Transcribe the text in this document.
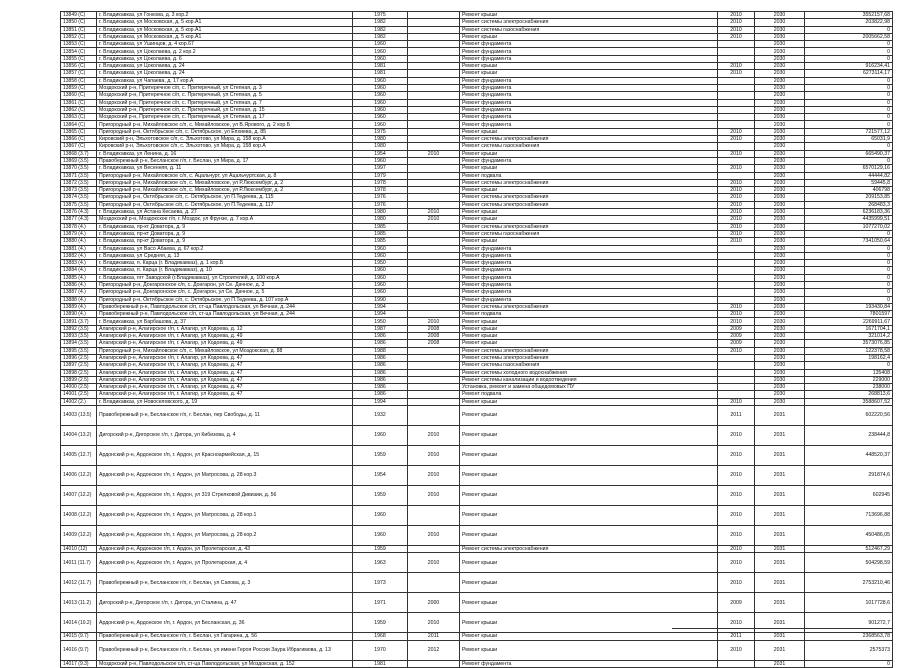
13849 (С)	г. Владикавказ, ул Гонкова, д. 3 кор.2	1975		Ремонт крыши	2010	2030	3552157,68
13850 (С)	г. Владикавказ, ул Московская, д. 5 кор.А1	1982		Ремонт системы электроснабжения	2010	2030	203822,98
13851 (С)	г. Владикавказ, ул Московская, д. 5 кор.А1	1982		Ремонт системы газоснабжения	2010	2030	0
13852 (С)	г. Владикавказ, ул Московская, д. 5 кор.А1	1982		Ремонт крыши	2010	2030	2005662,58
13853 (С)	г. Владикавказ, ул Ушинцов, д. 4 кор.67	1960		Ремонт фундамента		2030	0
13854 (С)	г. Владикавказ, ул Цоколаева, д. 2 кор.2	1960		Ремонт фундамента		2030	0
13855 (С)	г. Владикавказ, ул Цоколаева, д. 6	1960		Ремонт фундамента		2030	0
13856 (С)	г. Владикавказ, ул Цоколаева, д. 24	1981		Ремонт крыши	2010	2030	916234,41
13857 (С)	г. Владикавказ, ул Цоколаева, д. 24	1981		Ремонт крыши	2010	2030	6273114,17
13858 (С)	г. Владикавказ, ул Чапаева, д. 17 кор.А	1960		Ремонт фундамента		2030	0
13859 (С)	Моздокский р-н, Притеречное с/п, с. Притеречный, ул Степная, д. 3	1960		Ремонт фундамента		2030	0
13860 (С)	Моздокский р-н, Притеречное с/п, с. Притеречный, ул Степная, д. 5	1960		Ремонт фундамента		2030	0
13861 (С)	Моздокский р-н, Притеречное с/п, с. Притеречный, ул Степная, д. 7	1960		Ремонт фундамента		2030	0
13862 (С)	Моздокский р-н, Притеречное с/п, с. Притеречный, ул Степная, д. 15	1960		Ремонт фундамента		2030	0
13863 (С)	Моздокский р-н, Притеречное с/п, с. Притеречный, ул Степная, д. 17	1960		Ремонт фундамента		2030	0
13864 (С)	Пригородный р-н, Михайловское с/п, с. Михайловское, ул В.Ярового, д. 2 кор.Б	1960		Ремонт фундамента		2030	0
13865 (С)	Пригородный р-н, Октябрьское с/п, с. Октябрьское, ул Епхиева, д. 85	1975		Ремонт крыши	2010	2030	721577,12
13866 (С)	Кировский р-н, Эльхотовское с/п, с. Эльхотово, ул Мира, д. 158 кор.А	1980		Ремонт системы электроснабжения	2010	2030	65031,9
13867 (С)	Кировский р-н, Эльхотовское с/п, с. Эльхотово, ул Мира, д. 158 кор.А	1980		Ремонт системы газоснабжения		2030	0
13868 (3.7)	г. Владикавказ, ул Ленина, д. 16	1954	2010	Ремонт крыши	2010	2030	665490,37
13869 (3.5)	Правобережный р-н, Бесланское г/п, г. Беслан, ул Мира, д. 17	1960		Ремонт фундамента		2030	0
13870 (3.5)	г. Владикавказ, ул Весенняя, д. 11	1997		Ремонт крыши	2010	2030	6570129,16
13871 (3.5)	Пригородный р-н, Михайловское с/п, с. Ацальчурт, ул Ацальчуртская, д. 8	1979		Ремонт подвала		2030	44444,82
13872 (3.5)	Пригородный р-н, Михайловское с/п, с. Михайловское, ул Р.Люксембург, д. 2	1978		Ремонт системы электроснабжения	2010	2030	59445,8
13873 (3.5)	Пригородный р-н, Михайловское с/п, с. Михайловское, ул Р.Люксембург, д. 2	1978		Ремонт крыши	2010	2030	406798
13874 (3.5)	Пригородный р-н, Октябрьское с/п, с. Октябрьское, ул П.Тедеева, д. 115	1976		Ремонт системы электроснабжения	2010	2030	209153,85
13875 (3.5)	Пригородный р-н, Октябрьское с/п, с. Октябрьское, ул П.Тедеева, д. 117	1976		Ремонт системы электроснабжения	2010	2030	268483,3
13876 (4.3)	г. Владикавказ, ул Астана Кесаева, д. 27	1980	2010	Ремонт крыши	2010	2030	6236183,36
13877 (4.3)	Моздокский р-н, Моздокское г/п, г. Моздок, ул Фрунзе, д. 7 кор.А	1980	2010	Ремонт крыши	2010	2030	4435999,51
13878 (4.)	г. Владикавказ, пр-кт Доватора, д. 9	1985		Ремонт системы электроснабжения	2010	2030	1077270,02
13879 (4.)	г. Владикавказ, пр-кт Доватора, д. 9	1985		Ремонт системы газоснабжения	2010	2030	0
13880 (4.)	г. Владикавказ, пр-кт Доватора, д. 9	1985		Ремонт крыши	2010	2030	7341050,64
13881 (4.)	г. Владикавказ, ул Васо Абаева, д. 67 кор.2	1960		Ремонт фундамента		2030	0
13882 (4.)	г. Владикавказ, ул Средняя, д. 13	1960		Ремонт фундамента		2030	0
13883 (4.)	г. Владикавказ, п. Карца (г. Владикавказ), д. 1 кор.Б	1950		Ремонт фундамента		2030	0
13884 (4.)	г. Владикавказ, п. Карца (г. Владикавказ), д. 10	1960		Ремонт фундамента		2030	0
13885 (4.)	г. Владикавказ, пгт Заводской (г.Владикавказ), ул Строителей, д. 100 кор.А	1960		Ремонт фундамента		2030	0
13886 (4.)	Пригородный р-н, Донгаронское с/п, с. Донгарон, ул Се. Дачное, д. 3	1960		Ремонт фундамента		2030	0
13887 (4.)	Пригородный р-н, Донгаронское с/п, с. Донгарон, ул Се. Дачное, д. 5	1960		Ремонт фундамента		2030	0
13888 (4.)	Пригородный р-н, Октябрьское с/п, с. Октябрьское, ул П.Тедеева, д. 107 кор.А	1990		Ремонт фундамента		2030	0
13889 (4.)	Правобережный р-н, Павлодольское с/п, ст-ца Павлодольская, ул Вечная, д. 244	1994		Ремонт системы электроснабжения	2010	2030	193430,84
13890 (4.)	Правобережный р-н, Павлодольское с/п, ст-ца Павлодольская, ул Вечная, д. 244	1994		Ремонт подвала	2010	2030	7801597
13891 (3.7)	г. Владикавказ, ул Барбашова, д. 37	1950	2010	Ремонт крыши	2010	2030	2269911,67
13892 (3.5)	Алагирский р-н, Алагирское г/п, г. Алагир, ул Кодоева, д. 12	1987	2008	Ремонт крыши	2009	2030	1671704,1
13893 (3.5)	Алагирский р-н, Алагирское г/п, г. Алагир, ул Кодоева, д. 49	1986	2008	Ремонт крыши	2009	2030	321014,2
13894 (3.5)	Алагирский р-н, Алагирское г/п, г. Алагир, ул Кодоева, д. 49	1986	2008	Ремонт крыши	2009	2030	3573076,85
13895 (3.5)	Пригородный р-н, Михайловское с/п, с. Михайловское, ул Моздокская, д. 88	1988		Ремонт системы электроснабжения	2010	2030	122378,58
13896 (2.5)	Алагирский р-н, Алагирское г/п, г. Алагир, ул Кодоева, д. 47	1986		Ремонт системы электроснабжения		2030	198162,4
13897 (2.5)	Алагирский р-н, Алагирское г/п, г. Алагир, ул Кодоева, д. 47	1986		Ремонт системы газоснабжения		2030	0
13898 (2.5)	Алагирский р-н, Алагирское г/п, г. Алагир, ул Кодоева, д. 47	1986		Ремонт системы холодного водоснабжения		2030	135408
13899 (2.5)	Алагирский р-н, Алагирское г/п, г. Алагир, ул Кодоева, д. 47	1986		Ремонт системы канализации и водоотведения		2030	229000
14000 (2.5)	Алагирский р-н, Алагирское г/п, г. Алагир, ул Кодоева, д. 47	1986		Установка, ремонт и замена общедомовых ПУ		2030	238000
14001 (2.5)	Алагирский р-н, Алагирское г/п, г. Алагир, ул Кодоева, д. 47	1986		Ремонт подвала		2030	268813,6
14002 (2.)	г. Владикавказ, ул Новоселовского, д. 19	1994		Ремонт крыши	2010	2030	3588607,52
14003 (13.5)	Правобережный р-н, Бесланское г/п, г. Беслан, пер Свободы, д. 11	1932		Ремонт крыши	2011	2031	602220,56
14004 (13.2)	Дигорский р-н, Дигорское г/п, г. Дигора, ул Кибизова, д. 4	1960	2010	Ремонт крыши	2010	2031	238444,8
14005 (12.7)	Ардонский р-н, Ардонское г/п, г. Ардон, ул Красноармейская, д. 15	1959	2010	Ремонт крыши	2010	2031	448520,37
14006 (12.2)	Ардонский р-н, Ардонское г/п, г. Ардон, ул Матросова, д. 28 кор.3	1954	2010	Ремонт крыши	2010	2031	291874,6
14007 (12.2)	Ардонский р-н, Ардонское г/п, г. Ардон, ул 319 Стрелковой Дивизии, д. 56	1959	2010	Ремонт крыши	2010	2031	602945
14008 (12.2)	Ардонский р-н, Ардонское г/п, г. Ардон, ул Матросова, д. 28 кор.1	1960		Ремонт крыши	2010	2031	713696,88
14009 (12.2)	Ардонский р-н, Ардонское г/п, г. Ардон, ул Матросова, д. 28 кор.2	1960	2010	Ремонт крыши	2010	2031	450486,05
14010 (12)	Ардонский р-н, Ардонское г/п, г. Ардон, ул Пролетарская, д. 43	1959		Ремонт системы электроснабжения	2010	2031	512467,29
14011 (11.7)	Ардонский р-н, Ардонское г/п, г. Ардон, ул Пролетарская, д. 4	1963	2010	Ремонт крыши	2010	2031	504298,59
14012 (11.7)	Правобережный р-н, Бесланское г/п, г. Беслан, ул Сапова, д. 3	1973		Ремонт крыши	2010	2031	2753210,46
14013 (11.2)	Дигорский р-н, Дигорское г/п, г. Дигора, ул Сталина, д. 47	1971	2000	Ремонт крыши	2009	2031	1017728,6
14014 (10.2)	Ардонский р-н, Ардонское г/п, г. Ардон, ул Бесланская, д. 36	1959	2010	Ремонт крыши	2010	2031	901272,7
14015 (9.7)	Правобережный р-н, Бесланское г/п, г. Беслан, ул Гагарина, д. 56	1968	2011	Ремонт крыши	2011	2031	2368563,78
14016 (9.7)	Правобережный р-н, Бесланское г/п, г. Беслан, ул имени Героя России Заура Ибрагимова, д. 13	1970	2012	Ремонт крыши	2010	2031	2575373
14017 (9.3)	Моздокский р-н, Павлодольское с/п, ст-ца Павлодольская, ул Моздокская, д. 152	1981		Ремонт фундамента		2031	0
